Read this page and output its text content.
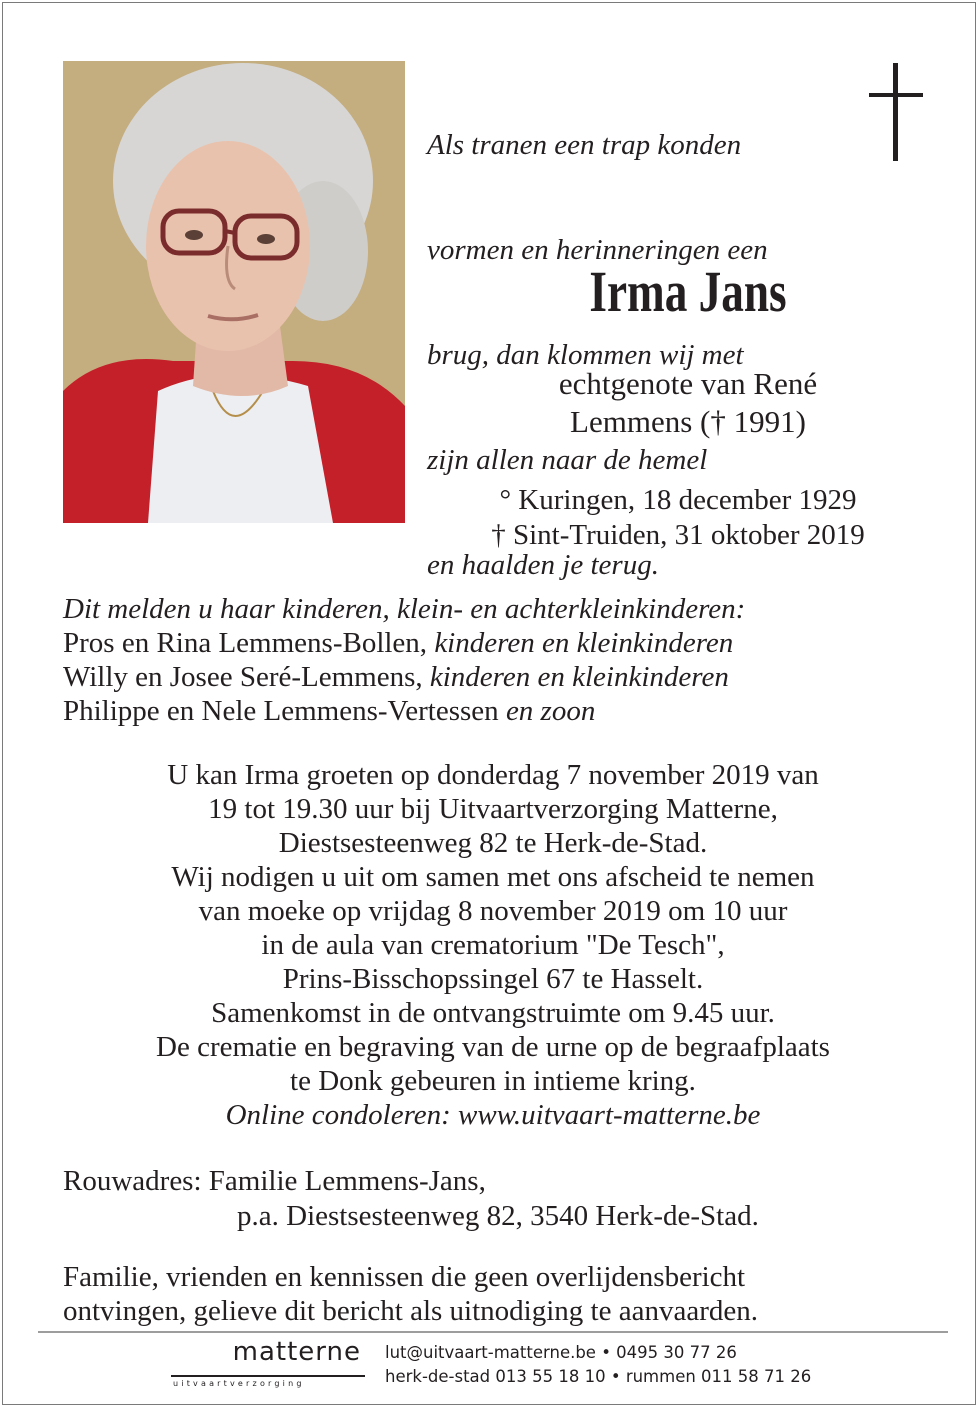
Als tranen een trap konden

vormen en herinneringen een

brug, dan klommen wij met

zijn allen naar de hemel

en haalden je terug.

Irma Jans
echtgenote van René
Lemmens († 1991)
° Kuringen, 18 december 1929
† Sint-Truiden, 31 oktober 2019
Dit melden u haar kinderen, klein- en achterkleinkinderen:
Pros en Rina Lemmens-Bollen, kinderen en kleinkinderen
Willy en Josee Seré-Lemmens, kinderen en kleinkinderen
Philippe en Nele Lemmens-Vertessen en zoon
U kan Irma groeten op donderdag 7 november 2019 van
19 tot 19.30 uur bij Uitvaartverzorging Matterne,
Diestsesteenweg 82 te Herk-de-Stad.
Wij nodigen u uit om samen met ons afscheid te nemen
van moeke op vrijdag 8 november 2019 om 10 uur
in de aula van crematorium "De Tesch",
Prins-Bisschopssingel 67 te Hasselt.
Samenkomst in de ontvangstruimte om 9.45 uur.
De crematie en begraving van de urne op de begraafplaats
te Donk gebeuren in intieme kring.
Online condoleren: www.uitvaart-matterne.be
Rouwadres: Familie Lemmens-Jans,
p.a. Diestsesteenweg 82, 3540 Herk-de-Stad.
Familie, vrienden en kennissen die geen overlijdensbericht
ontvingen, gelieve dit bericht als uitnodiging te aanvaarden.
matterne
uitvaartverzorging
lut@uitvaart-matterne.be • 0495 30 77 26
herk-de-stad 013 55 18 10 • rummen 011 58 71 26
